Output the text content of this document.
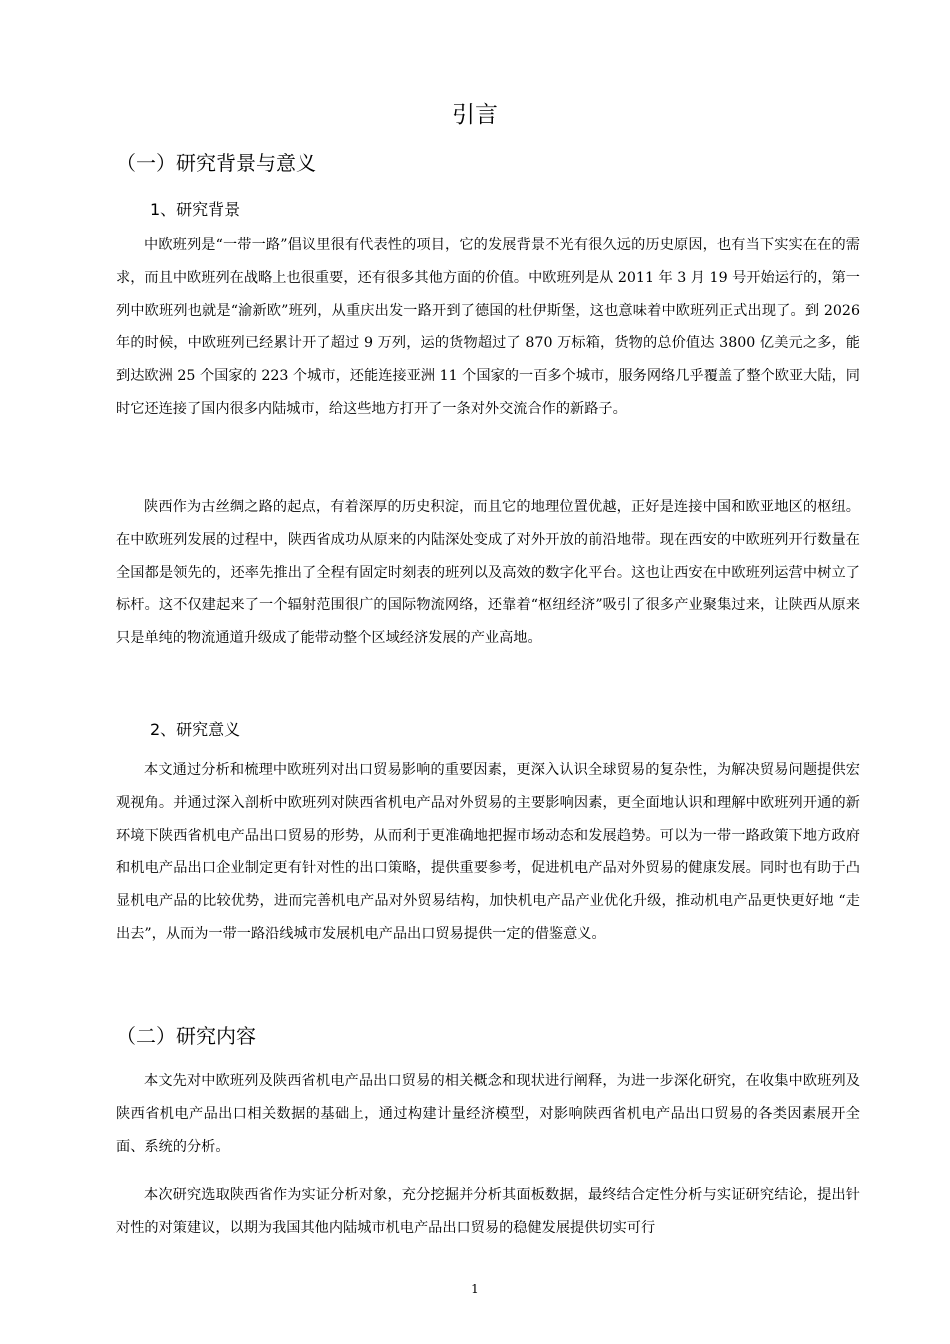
引言
（一）研究背景与意义
1、研究背景

中欧班列是“一带一路”倡议里很有代表性的项目，它的发展背景不光有很久远的历史原因，也有当下实实在在的需求，而且中欧班列在战略上也很重要，还有很多其他方面的价值。中欧班列是从 2011 年 3 月 19 号开始运行的，第一列中欧班列也就是“渝新欧”班列，从重庆出发一路开到了德国的杜伊斯堡，这也意味着中欧班列正式出现了。到 2026 年的时候，中欧班列已经累计开了超过 9 万列，运的货物超过了 870 万标箱，货物的总价值达 3800 亿美元之多，能到达欧洲 25 个国家的 223 个城市，还能连接亚洲 11 个国家的一百多个城市，服务网络几乎覆盖了整个欧亚大陆，同时它还连接了国内很多内陆城市，给这些地方打开了一条对外交流合作的新路子。

陕西作为古丝绸之路的起点，有着深厚的历史积淀，而且它的地理位置优越，正好是连接中国和欧亚地区的枢纽。在中欧班列发展的过程中，陕西省成功从原来的内陆深处变成了对外开放的前沿地带。现在西安的中欧班列开行数量在全国都是领先的，还率先推出了全程有固定时刻表的班列以及高效的数字化平台。这也让西安在中欧班列运营中树立了标杆。这不仅建起来了一个辐射范围很广的国际物流网络，还靠着“枢纽经济”吸引了很多产业聚集过来，让陕西从原来只是单纯的物流通道升级成了能带动整个区域经济发展的产业高地。

2、研究意义

本文通过分析和梳理中欧班列对出口贸易影响的重要因素，更深入认识全球贸易的复杂性，为解决贸易问题提供宏观视角。并通过深入剖析中欧班列对陕西省机电产品对外贸易的主要影响因素，更全面地认识和理解中欧班列开通的新环境下陕西省机电产品出口贸易的形势，从而利于更准确地把握市场动态和发展趋势。可以为一带一路政策下地方政府和机电产品出口企业制定更有针对性的出口策略，提供重要参考，促进机电产品对外贸易的健康发展。同时也有助于凸显机电产品的比较优势，进而完善机电产品对外贸易结构，加快机电产品产业优化升级，推动机电产品更快更好地 “走出去”，从而为一带一路沿线城市发展机电产品出口贸易提供一定的借鉴意义。

（二）研究内容

本文先对中欧班列及陕西省机电产品出口贸易的相关概念和现状进行阐释，为进一步深化研究，在收集中欧班列及陕西省机电产品出口相关数据的基础上，通过构建计量经济模型，对影响陕西省机电产品出口贸易的各类因素展开全面、系统的分析。

本次研究选取陕西省作为实证分析对象，充分挖掘并分析其面板数据，最终结合定性分析与实证研究结论，提出针对性的对策建议，以期为我国其他内陆城市机电产品出口贸易的稳健发展提供切实可行

1
